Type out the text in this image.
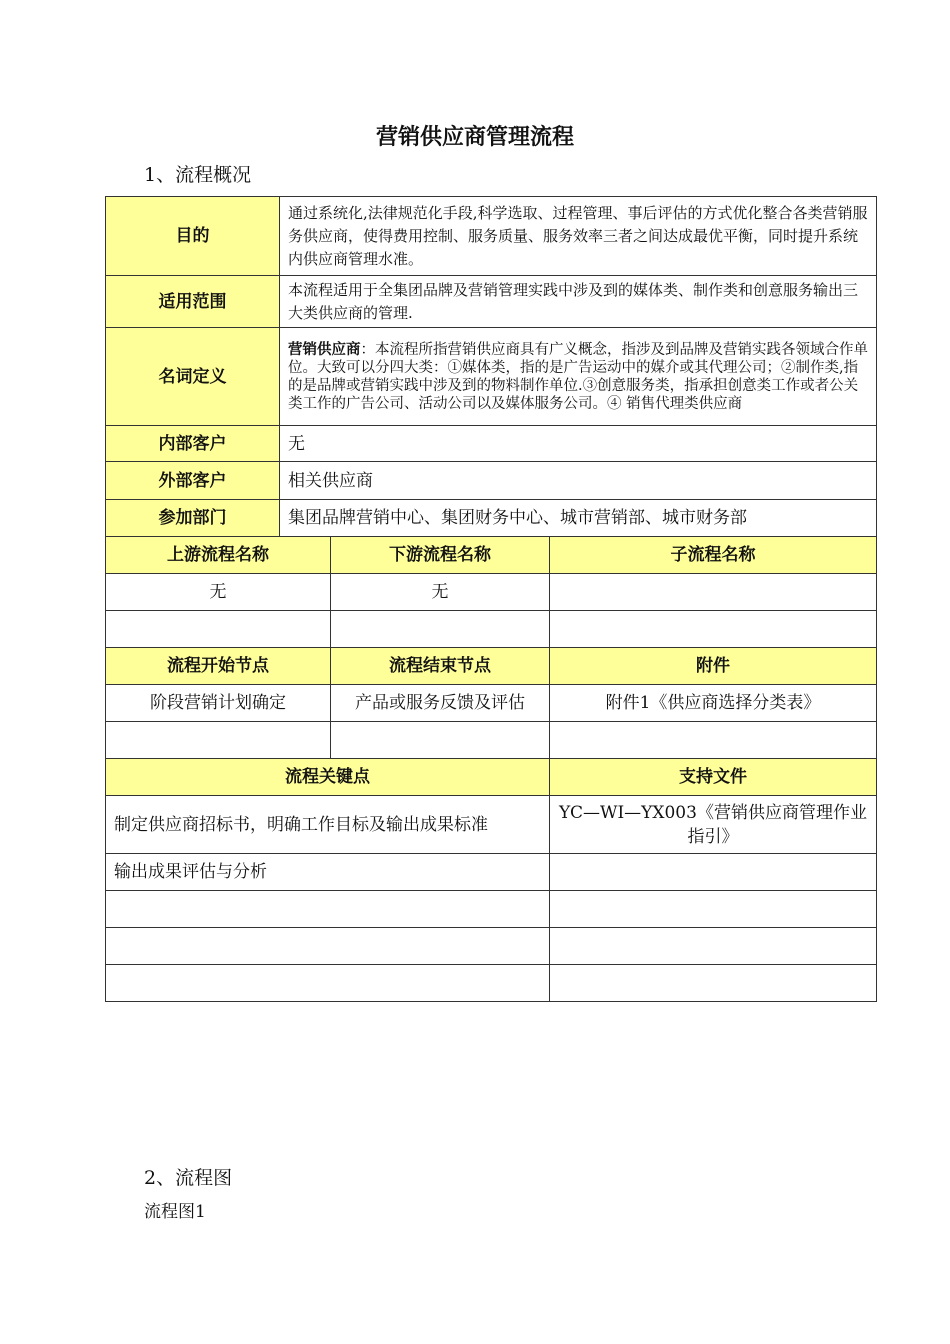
营销供应商管理流程
1、流程概况
目的	通过系统化,法律规范化手段,科学选取、过程管理、事后评估的方式优化整合各类营销服务供应商，使得费用控制、服务质量、服务效率三者之间达成最优平衡，同时提升系统内供应商管理水准。		
适用范围	本流程适用于全集团品牌及营销管理实践中涉及到的媒体类、制作类和创意服务输出三大类供应商的管理.		
名词定义	营销供应商：本流程所指营销供应商具有广义概念，指涉及到品牌及营销实践各领域合作单位。大致可以分四大类：①媒体类，指的是广告运动中的媒介或其代理公司；②制作类,指的是品牌或营销实践中涉及到的物料制作单位.③创意服务类，指承担创意类工作或者公关类工作的广告公司、活动公司以及媒体服务公司。④ 销售代理类供应商		
内部客户	无		
外部客户	相关供应商		
参加部门	集团品牌营销中心、集团财务中心、城市营销部、城市财务部		
上游流程名称		下游流程名称	子流程名称
无		无	

流程开始节点		流程结束节点	附件
阶段营销计划确定		产品或服务反馈及评估	附件1《供应商选择分类表》

流程关键点			支持文件
制定供应商招标书，明确工作目标及输出成果标准			YC—WI—YX003《营销供应商管理作业指引》
输出成果评估与分析			

2、流程图
流程图1
